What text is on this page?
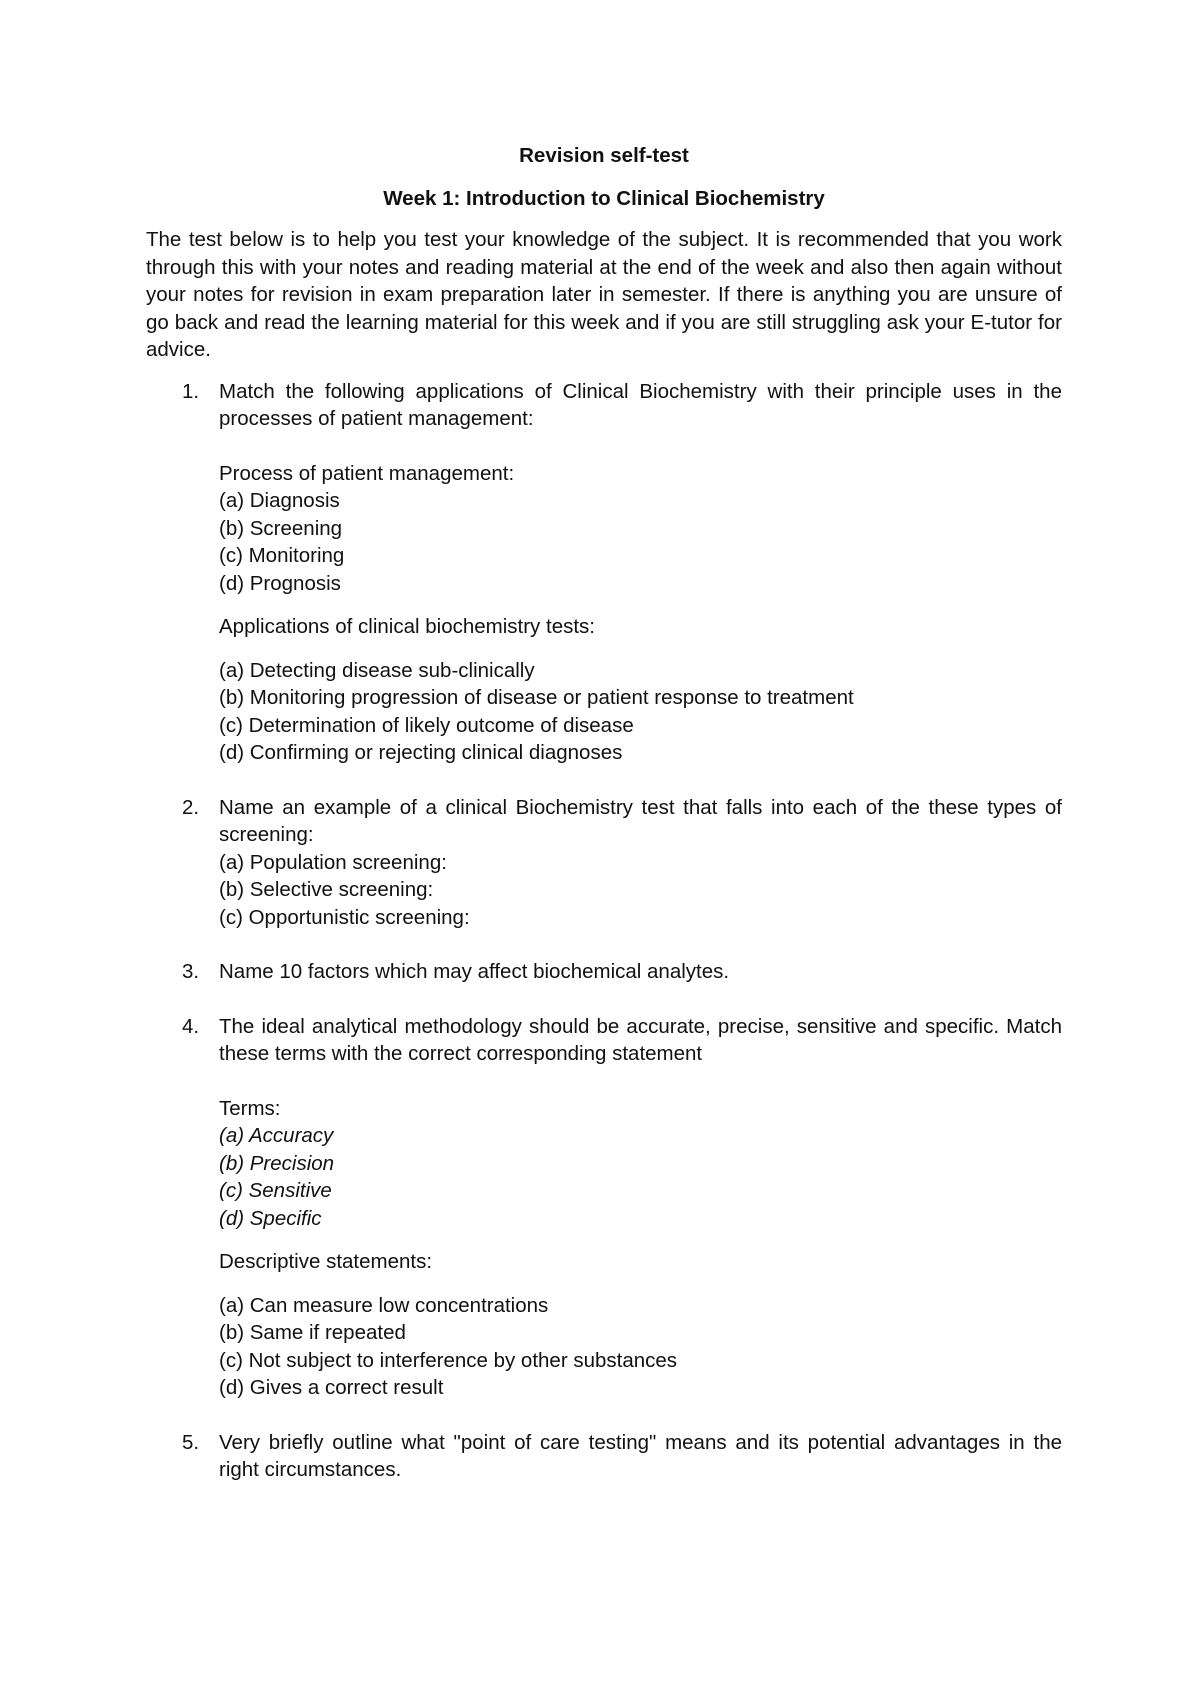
Revision self-test

Week 1: Introduction to Clinical Biochemistry

The test below is to help you test your knowledge of the subject. It is recommended that you work through this with your notes and reading material at the end of the week and also then again without your notes for revision in exam preparation later in semester. If there is anything you are unsure of go back and read the learning material for this week and if you are still struggling ask your E-tutor for advice.

1. Match the following applications of Clinical Biochemistry with their principle uses in the processes of patient management:

Process of patient management:

(a) Diagnosis
(b) Screening
(c) Monitoring
(d) Prognosis

Applications of clinical biochemistry tests:

(a) Detecting disease sub-clinically
(b) Monitoring progression of disease or patient response to treatment
(c) Determination of likely outcome of disease
(d) Confirming or rejecting clinical diagnoses
2. Name an example of a clinical Biochemistry test that falls into each of the these types of screening:

(a) Population screening:
(b) Selective screening:
(c) Opportunistic screening:
3. Name 10 factors which may affect biochemical analytes.

4. The ideal analytical methodology should be accurate, precise, sensitive and specific. Match these terms with the correct corresponding statement

Terms:

(a) Accuracy
(b) Precision
(c) Sensitive
(d) Specific

Descriptive statements:

(a) Can measure low concentrations
(b) Same if repeated
(c) Not subject to interference by other substances
(d) Gives a correct result
5. Very briefly outline what "point of care testing" means and its potential advantages in the right circumstances.
